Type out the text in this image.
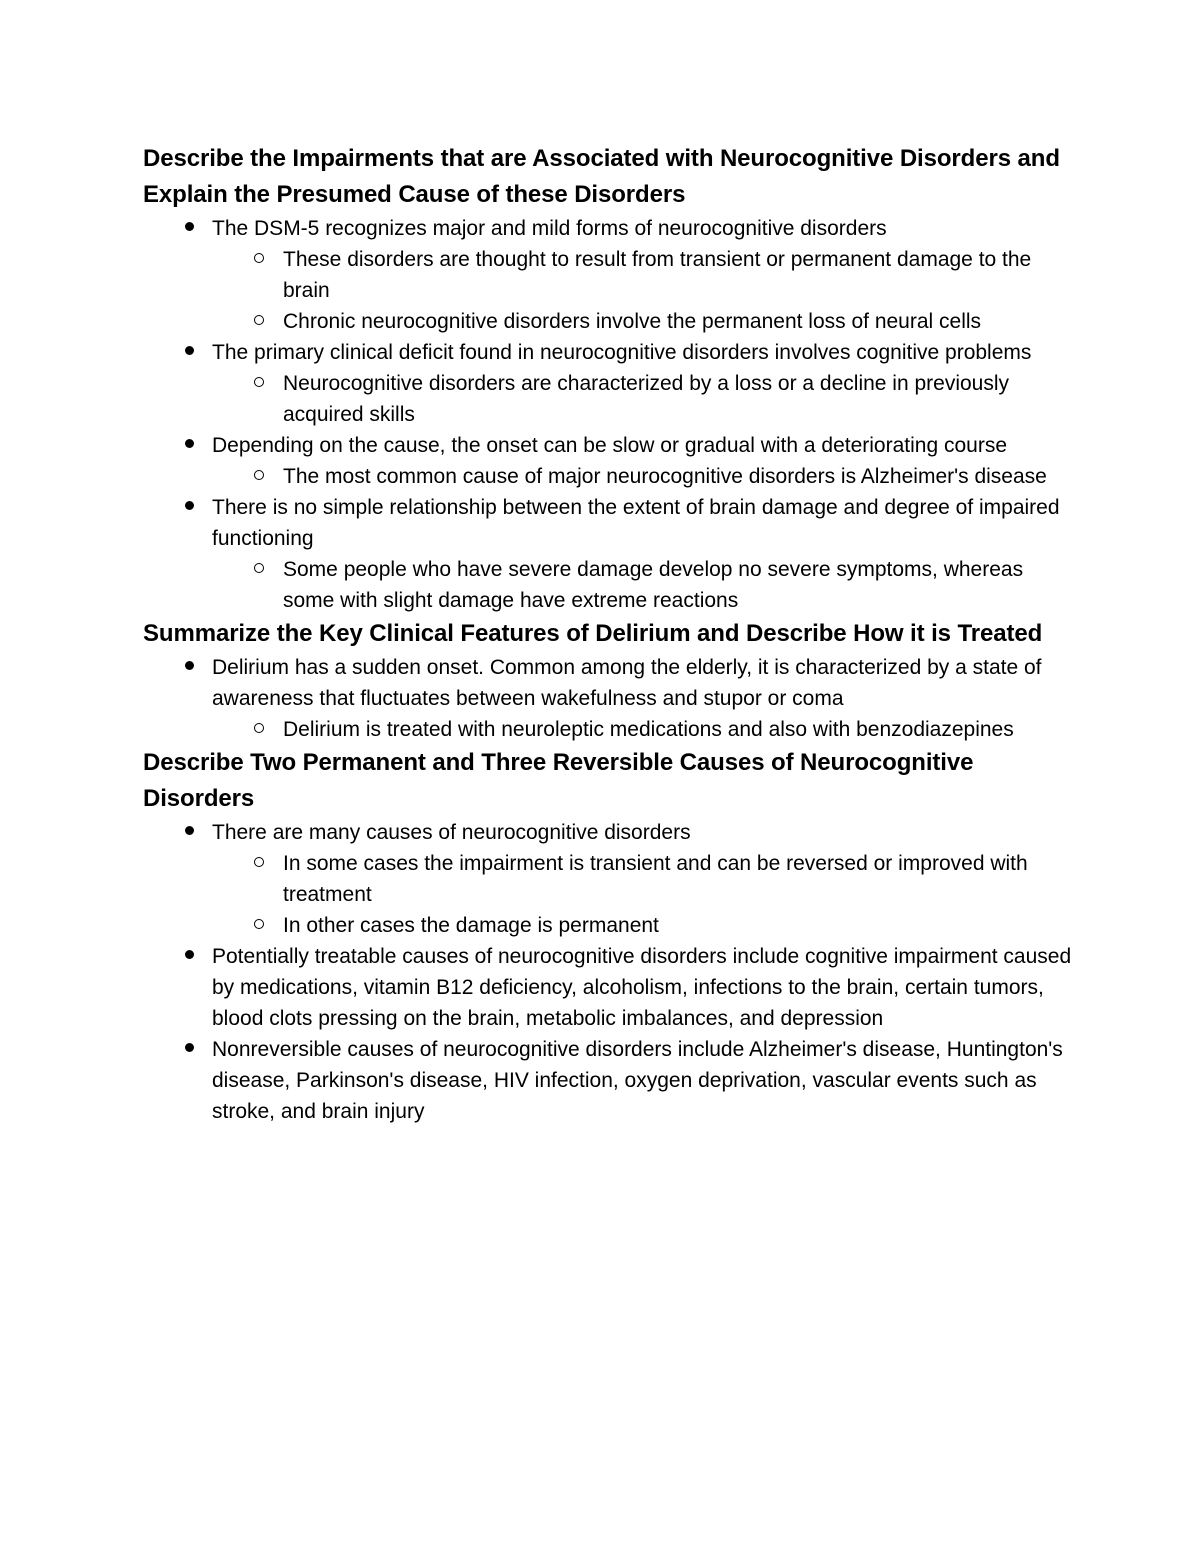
Describe the Impairments that are Associated with Neurocognitive Disorders and Explain the Presumed Cause of these Disorders
The DSM-5 recognizes major and mild forms of neurocognitive disorders
These disorders are thought to result from transient or permanent damage to the brain
Chronic neurocognitive disorders involve the permanent loss of neural cells
The primary clinical deficit found in neurocognitive disorders involves cognitive problems
Neurocognitive disorders are characterized by a loss or a decline in previously acquired skills
Depending on the cause, the onset can be slow or gradual with a deteriorating course
The most common cause of major neurocognitive disorders is Alzheimer's disease
There is no simple relationship between the extent of brain damage and degree of impaired functioning
Some people who have severe damage develop no severe symptoms, whereas some with slight damage have extreme reactions
Summarize the Key Clinical Features of Delirium and Describe How it is Treated
Delirium has a sudden onset. Common among the elderly, it is characterized by a state of awareness that fluctuates between wakefulness and stupor or coma
Delirium is treated with neuroleptic medications and also with benzodiazepines
Describe Two Permanent and Three Reversible Causes of Neurocognitive Disorders
There are many causes of neurocognitive disorders
In some cases the impairment is transient and can be reversed or improved with treatment
In other cases the damage is permanent
Potentially treatable causes of neurocognitive disorders include cognitive impairment caused by medications, vitamin B12 deficiency, alcoholism, infections to the brain, certain tumors, blood clots pressing on the brain, metabolic imbalances, and depression
Nonreversible causes of neurocognitive disorders include Alzheimer's disease, Huntington's disease, Parkinson's disease, HIV infection, oxygen deprivation, vascular events such as stroke, and brain injury
